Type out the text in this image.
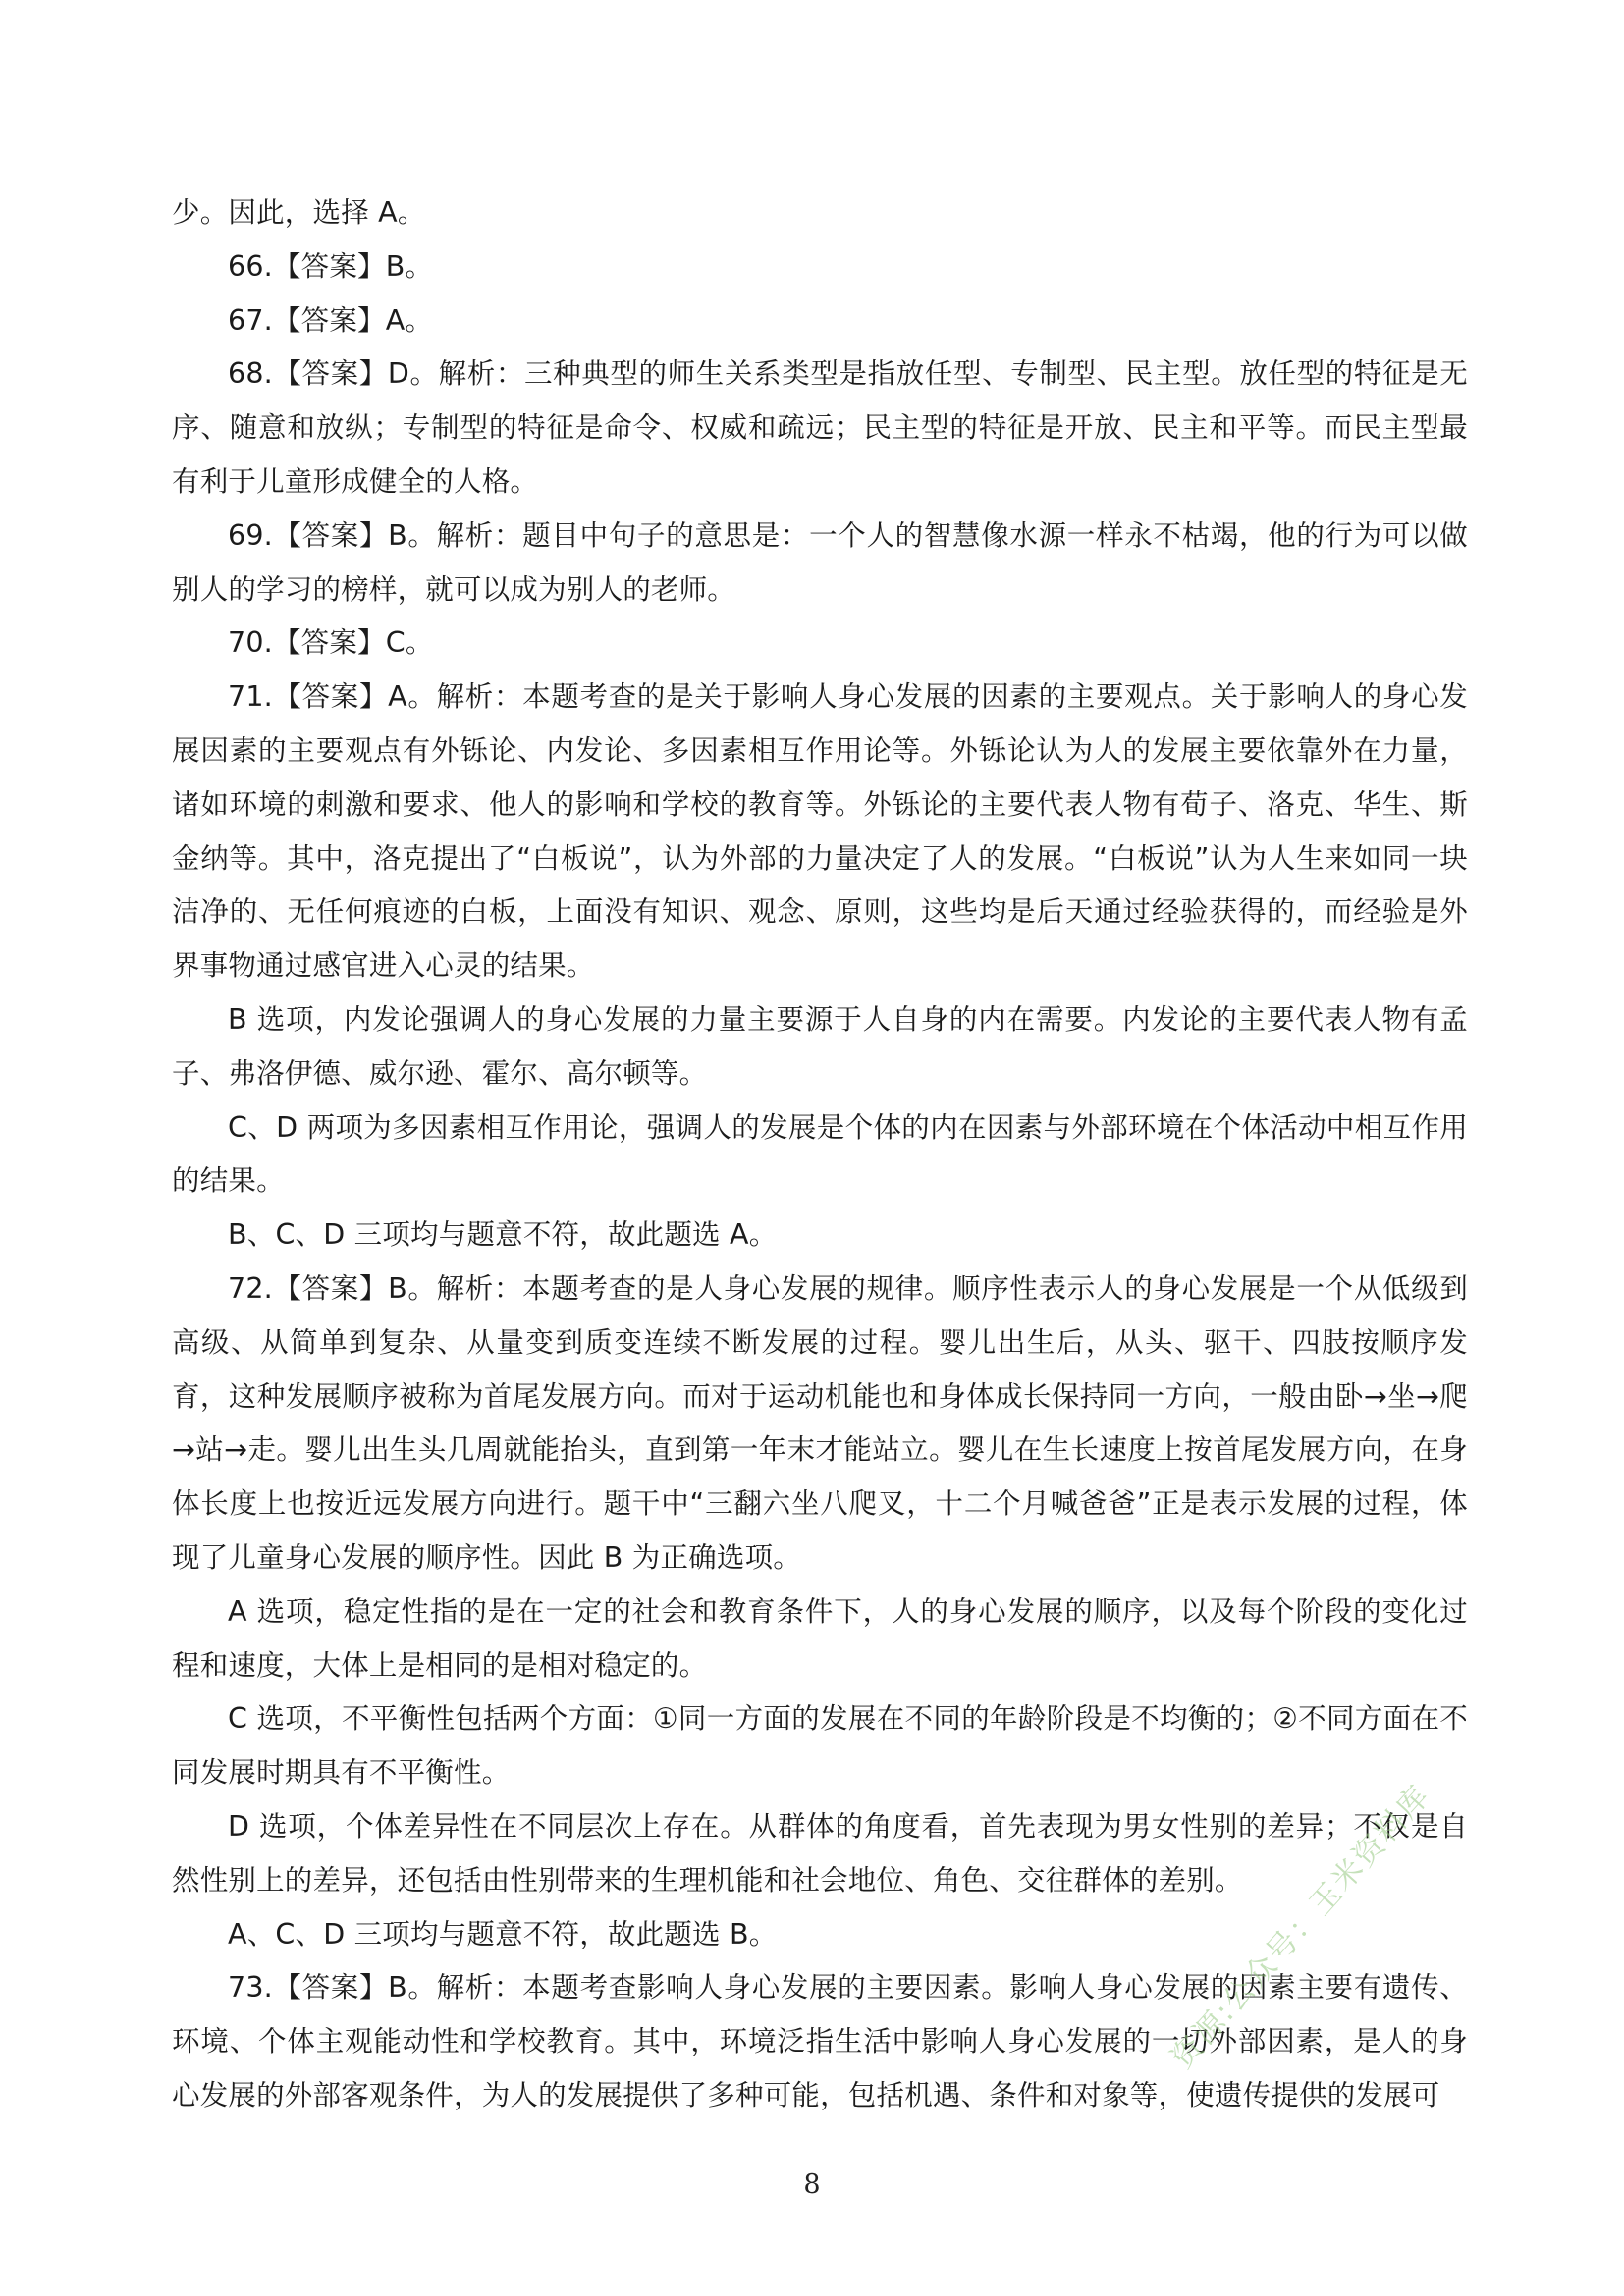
少。因此，选择 A。

66.【答案】B。

67.【答案】A。

68.【答案】D。解析：三种典型的师生关系类型是指放任型、专制型、民主型。放任型的特征是无序、随意和放纵；专制型的特征是命令、权威和疏远；民主型的特征是开放、民主和平等。而民主型最有利于儿童形成健全的人格。

69.【答案】B。解析：题目中句子的意思是：一个人的智慧像水源一样永不枯竭，他的行为可以做别人的学习的榜样，就可以成为别人的老师。

70.【答案】C。

71.【答案】A。解析：本题考查的是关于影响人身心发展的因素的主要观点。关于影响人的身心发展因素的主要观点有外铄论、内发论、多因素相互作用论等。外铄论认为人的发展主要依靠外在力量，诸如环境的刺激和要求、他人的影响和学校的教育等。外铄论的主要代表人物有荀子、洛克、华生、斯金纳等。其中，洛克提出了“白板说”，认为外部的力量决定了人的发展。“白板说”认为人生来如同一块洁净的、无任何痕迹的白板，上面没有知识、观念、原则，这些均是后天通过经验获得的，而经验是外界事物通过感官进入心灵的结果。

B 选项，内发论强调人的身心发展的力量主要源于人自身的内在需要。内发论的主要代表人物有孟子、弗洛伊德、威尔逊、霍尔、高尔顿等。

C、D 两项为多因素相互作用论，强调人的发展是个体的内在因素与外部环境在个体活动中相互作用的结果。

B、C、D 三项均与题意不符，故此题选 A。

72.【答案】B。解析：本题考查的是人身心发展的规律。顺序性表示人的身心发展是一个从低级到高级、从简单到复杂、从量变到质变连续不断发展的过程。婴儿出生后，从头、驱干、四肢按顺序发育，这种发展顺序被称为首尾发展方向。而对于运动机能也和身体成长保持同一方向，一般由卧→坐→爬→站→走。婴儿出生头几周就能抬头，直到第一年末才能站立。婴儿在生长速度上按首尾发展方向，在身体长度上也按近远发展方向进行。题干中“三翻六坐八爬叉，十二个月喊爸爸”正是表示发展的过程，体现了儿童身心发展的顺序性。因此 B 为正确选项。

A 选项，稳定性指的是在一定的社会和教育条件下，人的身心发展的顺序，以及每个阶段的变化过程和速度，大体上是相同的是相对稳定的。

C 选项，不平衡性包括两个方面：①同一方面的发展在不同的年龄阶段是不均衡的；②不同方面在不同发展时期具有不平衡性。

D 选项，个体差异性在不同层次上存在。从群体的角度看，首先表现为男女性别的差异；不仅是自然性别上的差异，还包括由性别带来的生理机能和社会地位、角色、交往群体的差别。

A、C、D 三项均与题意不符，故此题选 B。

73.【答案】B。解析：本题考查影响人身心发展的主要因素。影响人身心发展的因素主要有遗传、环境、个体主观能动性和学校教育。其中，环境泛指生活中影响人身心发展的一切外部因素，是人的身心发展的外部客观条件，为人的发展提供了多种可能，包括机遇、条件和对象等，使遗传提供的发展可

资源:公众号：玉米资料库
8
